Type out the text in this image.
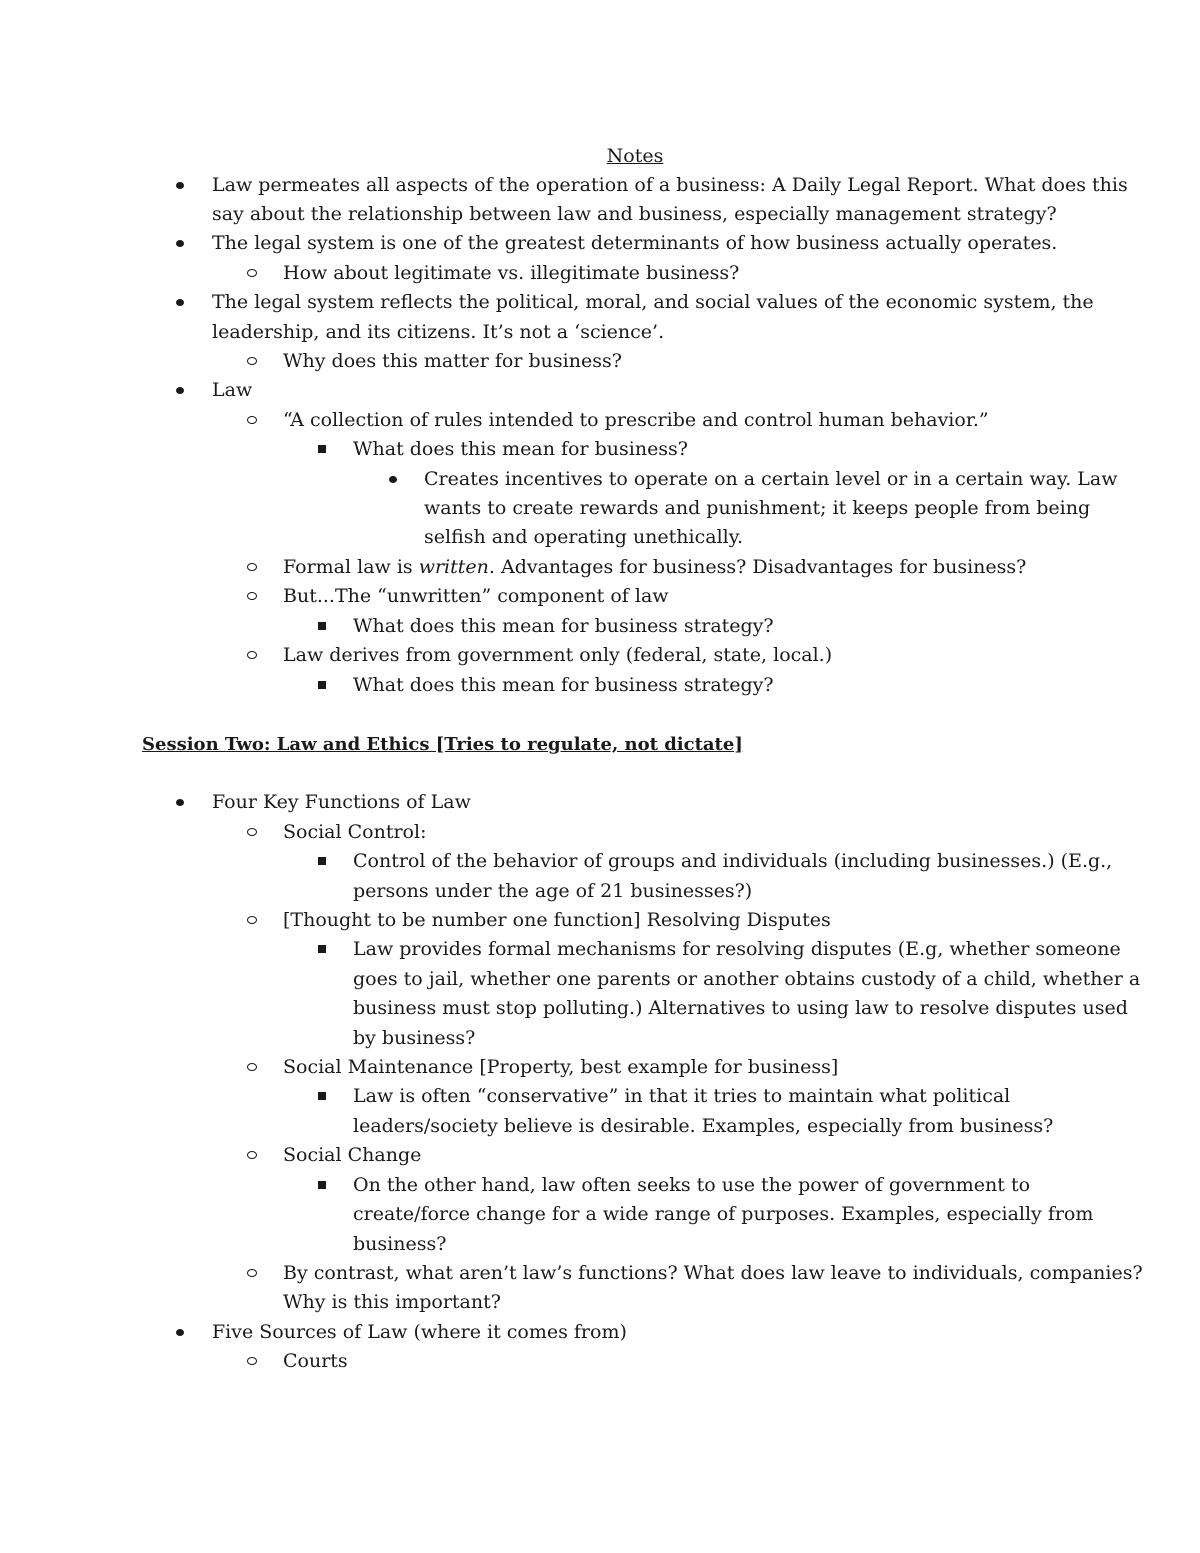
Notes
Law permeates all aspects of the operation of a business: A Daily Legal Report. What does this
say about the relationship between law and business, especially management strategy?
The legal system is one of the greatest determinants of how business actually operates.
How about legitimate vs. illegitimate business?
The legal system reflects the political, moral, and social values of the economic system, the
leadership, and its citizens. It’s not a ‘science’.
Why does this matter for business?
Law
“A collection of rules intended to prescribe and control human behavior.”
What does this mean for business?
Creates incentives to operate on a certain level or in a certain way. Law
wants to create rewards and punishment; it keeps people from being
selfish and operating unethically.
Formal law is written. Advantages for business? Disadvantages for business?
But...The “unwritten” component of law
What does this mean for business strategy?
Law derives from government only (federal, state, local.)
What does this mean for business strategy?
Session Two: Law and Ethics [Tries to regulate, not dictate]
Four Key Functions of Law
Social Control:
Control of the behavior of groups and individuals (including businesses.) (E.g.,
persons under the age of 21 businesses?)
[Thought to be number one function] Resolving Disputes
Law provides formal mechanisms for resolving disputes (E.g, whether someone
goes to jail, whether one parents or another obtains custody of a child, whether a
business must stop polluting.) Alternatives to using law to resolve disputes used
by business?
Social Maintenance [Property, best example for business]
Law is often “conservative” in that it tries to maintain what political
leaders/society believe is desirable. Examples, especially from business?
Social Change
On the other hand, law often seeks to use the power of government to
create/force change for a wide range of purposes. Examples, especially from
business?
By contrast, what aren’t law’s functions? What does law leave to individuals, companies?
Why is this important?
Five Sources of Law (where it comes from)
Courts
